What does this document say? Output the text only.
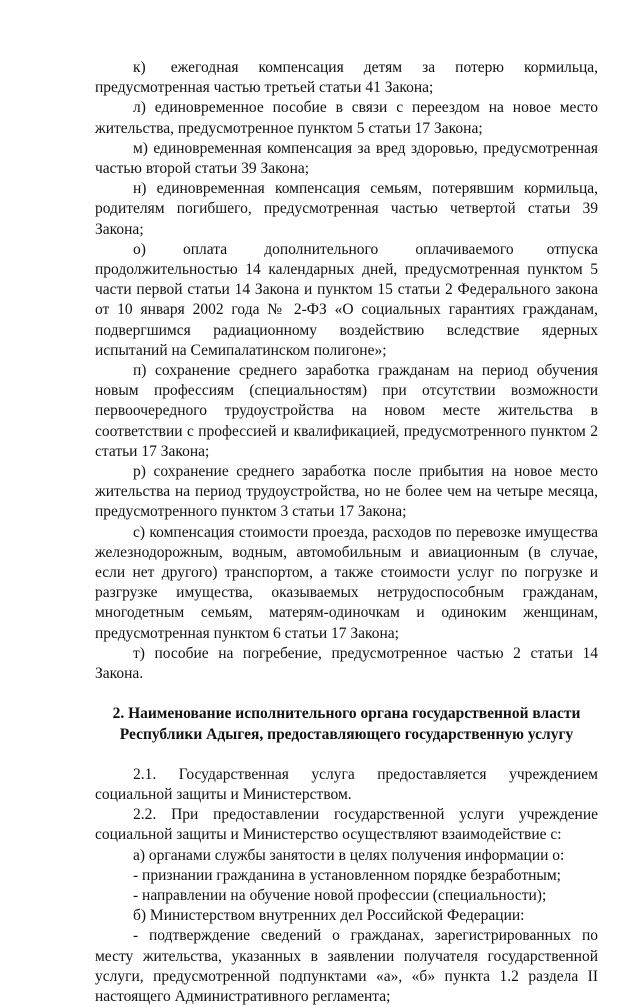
к)     ежегодная    компенсация    детям    за    потерю    кормильца, предусмотренная частью третьей статьи 41 Закона;

л) единовременное пособие в связи с переездом на новое место жительства, предусмотренное пунктом 5 статьи 17 Закона;

м) единовременная компенсация за вред здоровью, предусмотренная частью второй статьи 39 Закона;

н) единовременная компенсация семьям, потерявшим кормильца, родителям погибшего, предусмотренная частью четвертой статьи 39 Закона;

о)         оплата         дополнительного         оплачиваемого        отпуска продолжительностью 14 календарных дней, предусмотренная пунктом 5 части первой статьи 14 Закона и пунктом 15 статьи 2 Федерального закона от 10 января 2002 года № 2-ФЗ «О социальных гарантиях гражданам, подвергшимся радиационному воздействию вследствие ядерных испытаний на Семипалатинском полигоне»;

п) сохранение среднего заработка гражданам на период обучения новым профессиям (специальностям) при отсутствии возможности первоочередного трудоустройства на новом месте жительства в соответствии с профессией и квалификацией, предусмотренного пунктом 2 статьи 17 Закона;

р) сохранение среднего заработка после прибытия на новое место жительства на период трудоустройства, но не более чем на четыре месяца, предусмотренного пунктом 3 статьи 17 Закона;

с) компенсация стоимости проезда, расходов по перевозке имущества железнодорожным, водным, автомобильным и авиационным (в случае, если нет другого) транспортом, а также стоимости услуг по погрузке и разгрузке имущества, оказываемых нетрудоспособным гражданам, многодетным семьям, матерям-одиночкам и одиноким женщинам, предусмотренная пунктом 6 статьи 17 Закона;

т) пособие на погребение, предусмотренное частью 2 статьи 14 Закона.

2. Наименование исполнительного органа государственной власти
Республики Адыгея, предоставляющего государственную услугу

2.1. Государственная услуга предоставляется учреждением социальной защиты и Министерством.

2.2. При предоставлении государственной услуги учреждение социальной защиты и Министерство осуществляют взаимодействие с:

а) органами службы занятости в целях получения информации о:

- признании гражданина в установленном порядке безработным;

- направлении на обучение новой профессии (специальности);

б) Министерством внутренних дел Российской Федерации:

- подтверждение сведений о гражданах, зарегистрированных по месту жительства, указанных в заявлении получателя государственной услуги, предусмотренной подпунктами «а», «б» пункта 1.2 раздела II настоящего Административного регламента;
